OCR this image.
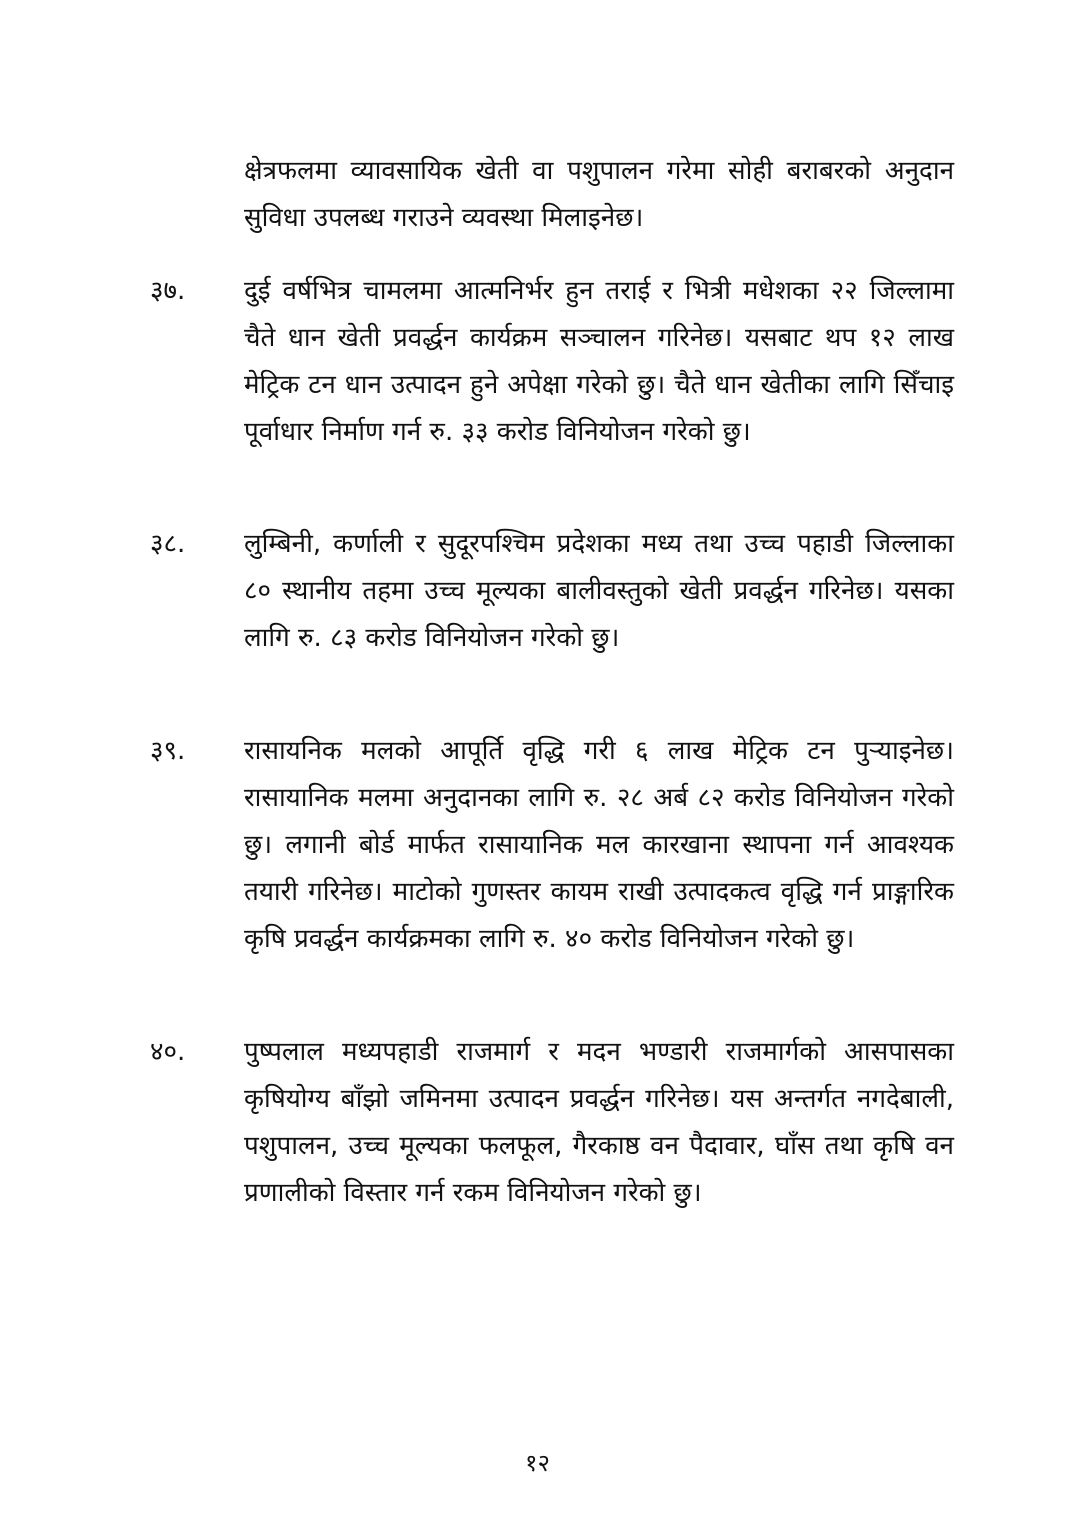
क्षेत्रफलमा व्यावसायिक खेती वा पशुपालन गरेमा सोही बराबरको अनुदान सुविधा उपलब्ध गराउने व्यवस्था मिलाइनेछ।

३७. दुई वर्षभित्र चामलमा आत्मनिर्भर हुन तराई र भित्री मधेशका २२ जिल्लामा चैते धान खेती प्रवर्द्धन कार्यक्रम सञ्चालन गरिनेछ। यसबाट थप १२ लाख मेट्रिक टन धान उत्पादन हुने अपेक्षा गरेको छु। चैते धान खेतीका लागि सिँचाइ पूर्वाधार निर्माण गर्न रु. ३३ करोड विनियोजन गरेको छु।

३८. लुम्बिनी, कर्णाली र सुदूरपश्चिम प्रदेशका मध्य तथा उच्च पहाडी जिल्लाका ८० स्थानीय तहमा उच्च मूल्यका बालीवस्तुको खेती प्रवर्द्धन गरिनेछ। यसका लागि रु. ८३ करोड विनियोजन गरेको छु।

३९. रासायनिक मलको आपूर्ति वृद्धि गरी ६ लाख मेट्रिक टन पुऱ्याइनेछ। रासायानिक मलमा अनुदानका लागि रु. २८ अर्ब ८२ करोड विनियोजन गरेको छु। लगानी बोर्ड मार्फत रासायानिक मल कारखाना स्थापना गर्न आवश्यक तयारी गरिनेछ। माटोको गुणस्तर कायम राखी उत्पादकत्व वृद्धि गर्न प्राङ्गारिक कृषि प्रवर्द्धन कार्यक्रमका लागि रु. ४० करोड विनियोजन गरेको छु।

४०. पुष्पलाल मध्यपहाडी राजमार्ग र मदन भण्डारी राजमार्गको आसपासका कृषियोग्य बाँझो जमिनमा उत्पादन प्रवर्द्धन गरिनेछ। यस अन्तर्गत नगदेबाली, पशुपालन, उच्च मूल्यका फलफूल, गैरकाष्ठ वन पैदावार, घाँस तथा कृषि वन प्रणालीको विस्तार गर्न रकम विनियोजन गरेको छु।

१२
